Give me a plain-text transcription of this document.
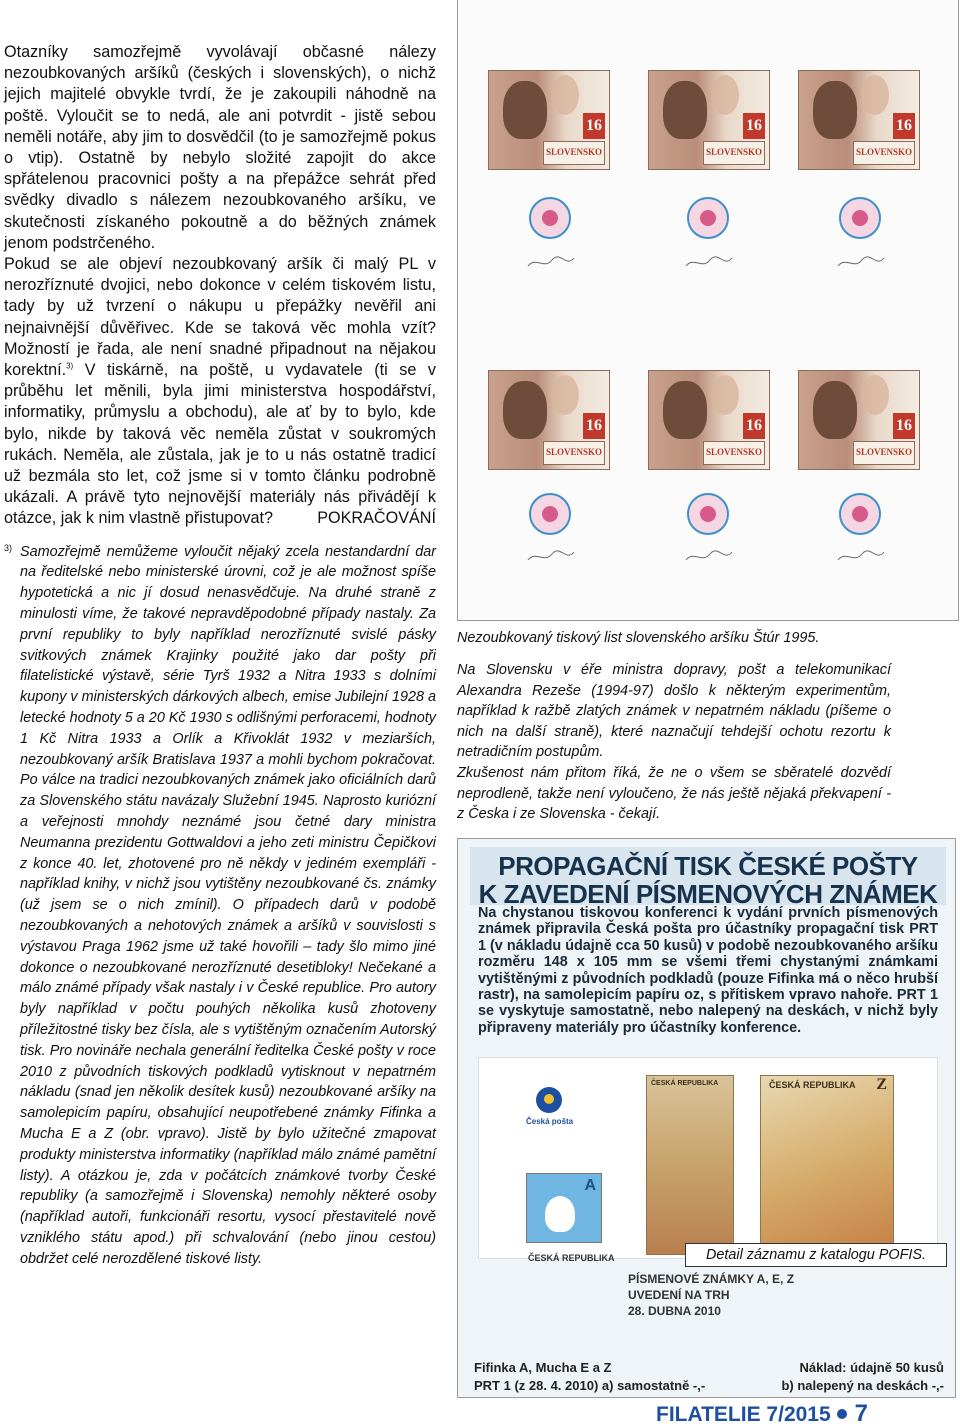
Otazníky samozřejmě vyvolávají občasné nálezy nezoubkovaných aršíků (českých i slovenských), o nichž jejich majitelé obvykle tvrdí, že je zakoupili náhodně na poště. Vyloučit se to nedá, ale ani potvrdit - jistě sebou neměli notáře, aby jim to dosvědčil (to je samozřejmě pokus o vtip). Ostatně by nebylo složité zapojit do akce spřátelenou pracovnici pošty a na přepážce sehrát před svědky divadlo s nálezem nezoubkovaného aršíku, ve skutečnosti získaného pokoutně a do běžných známek jenom podstrčeného.

Pokud se ale objeví nezoubkovaný aršík či malý PL v nerozříznuté dvojici, nebo dokonce v celém tiskovém listu, tady by už tvrzení o nákupu u přepážky nevěřil ani nejnaivnější důvěřivec. Kde se taková věc mohla vzít? Možností je řada, ale není snadné připadnout na nějakou korektní.$^{3)}$ V tiskárně, na poště, u vydavatele (ti se v průběhu let měnili, byla jimi ministerstva hospodářství, informatiky, průmyslu a obchodu), ale ať by to bylo, kde bylo, nikde by taková věc neměla zůstat v soukromých rukách. Neměla, ale zůstala, jak je to u nás ostatně tradicí už bezmála sto let, což jsme si v tomto článku podrobně ukázali. A právě tyto nejnovější materiály nás přivádějí k otázce, jak k nim vlastně přistupovat?	POKRAČOVÁNÍ

3) Samozřejmě nemůžeme vyloučit nějaký zcela nestandardní dar na ředitelské nebo ministerské úrovni, což je ale možnost spíše hypotetická a nic jí dosud nenasvědčuje. Na druhé straně z minulosti víme, že takové nepravděpodobné případy nastaly. Za první republiky to byly například nerozříznuté svislé pásky svitkových známek Krajinky použité jako dar pošty při filatelistické výstavě, série Tyrš 1932 a Nitra 1933 s dolními kupony v ministerských dárkových albech, emise Jubilejní 1928 a letecké hodnoty 5 a 20 Kč 1930 s odlišnými perforacemi, hodnoty 1 Kč Nitra 1933 a Orlík a Křivoklát 1932 v meziarších, nezoubkovaný aršík Bratislava 1937 a mohli bychom pokračovat. Po válce na tradici nezoubkovaných známek jako oficiálních darů za Slovenského státu navázaly Služební 1945. Naprosto kuriózní a veřejnosti mnohdy neznámé jsou četné dary ministra Neumanna prezidentu Gottwaldovi a jeho zeti ministru Čepičkovi z konce 40. let, zhotovené pro ně někdy v jediném exempláři - například knihy, v nichž jsou vytištěny nezoubkované čs. známky (už jsem se o nich zmínil). O případech darů v podobě nezoubkovaných a nehotových známek a aršíků v souvislosti s výstavou Praga 1962 jsme už také hovořili – tady šlo mimo jiné dokonce o nezoubkované nerozříznuté desetibloky! Nečekané a málo známé případy však nastaly i v České republice. Pro autory byly například v počtu pouhých několika kusů zhotoveny příležitostné tisky bez čísla, ale s vytištěným označením Autorský tisk. Pro novináře nechala generální ředitelka České pošty v roce 2010 z původních tiskových podkladů vytisknout v nepatrném nákladu (snad jen několik desítek kusů) nezoubkované aršíky na samolepicím papíru, obsahující neupotřebené známky Fifinka a Mucha E a Z (obr. vpravo). Jistě by bylo užitečné zmapovat produkty ministerstva informatiky (například málo známé pamětní listy). A otázkou je, zda v počátcích známkové tvorby České republiky (a samozřejmě i Slovenska) nemohly některé osoby (například autoři, funkcionáři resortu, vysocí přestavitelé nově vzniklého státu apod.) při schvalování (nebo jinou cestou) obdržet celé nerozdělené tiskové listy.
16
SLOVENSKO
16
SLOVENSKO
16
SLOVENSKO
16
SLOVENSKO
16
SLOVENSKO
16
SLOVENSKO
Nezoubkovaný tiskový list slovenského aršíku Štúr 1995.

Na Slovensku v éře ministra dopravy, pošt a telekomunikací Alexandra Rezeše (1994-97) došlo k některým experimentům, například k ražbě zlatých známek v nepatrném nákladu (píšeme o nich na další straně), které naznačují tehdejší ochotu rezortu k netradičním postupům.

Zkušenost nám přitom říká, že ne o všem se sběratelé dozvědí neprodleně, takže není vyloučeno, že nás ještě nějaká překvapení - z Česka i ze Slovenska - čekají.

PROPAGAČNÍ TISK ČESKÉ POŠTY
K ZAVEDENÍ PÍSMENOVÝCH ZNÁMEK
Na chystanou tiskovou konferenci k vydání prvních písmenových známek připravila Česká pošta pro účastníky propagační tisk PRT 1 (v nákladu údajně cca 50 kusů) v podobě nezoubkovaného aršíku rozměru 148 x 105 mm se všemi třemi chystanými známkami vytištěnými z původních podkladů (pouze Fifinka má o něco hrubší rastr), na samolepicím papíru oz, s přítiskem vpravo nahoře. PRT 1 se vyskytuje samostatně, nebo nalepený na deskách, v nichž byly připraveny materiály pro účastníky konference.
Česká pošta
A
ČESKÁ REPUBLIKA
ČESKÁ REPUBLIKA	ČESKÁ REPUBLIKA Z
Detail záznamu z katalogu POFIS.
PÍSMENOVÉ ZNÁMKY A, E, Z
UVEDENÍ NA TRH
28. DUBNA 2010
Fifinka A, Mucha E a Z	Náklad: údajně 50 kusů
PRT 1 (z 28. 4. 2010) a) samostatně -,-	b) nalepený na deskách -,-
FILATELIE 7/2015 7
